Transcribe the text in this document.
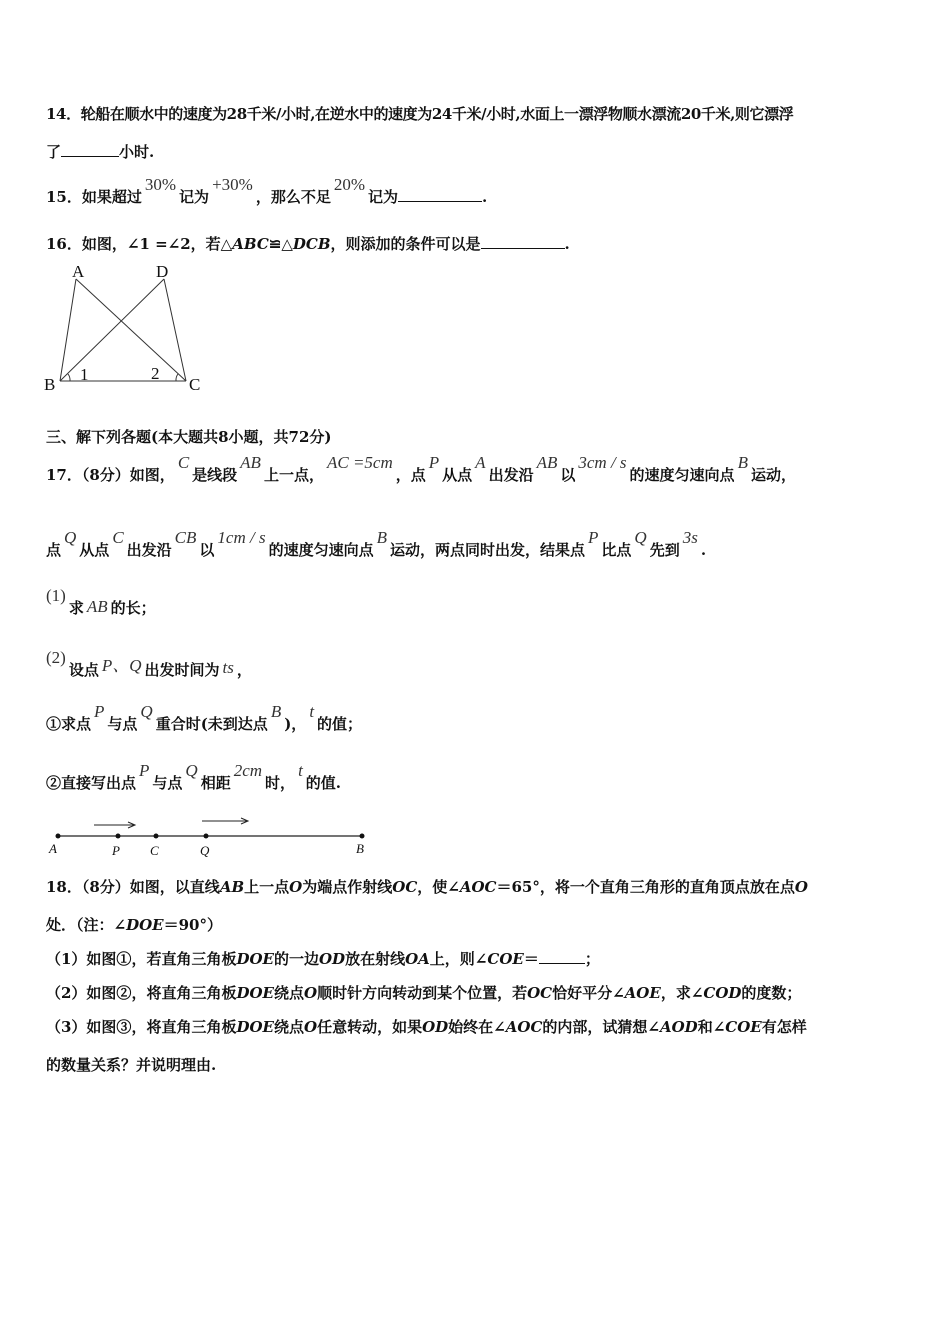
14．轮船在顺水中的速度为28千米/小时,在逆水中的速度为24千米/小时,水面上一漂浮物顺水漂流20千米,则它漂浮
了	小时.
15．如果超过30%记为+30%，那么不足20%记为	.
16．如图，∠1 =∠2，若△ABC≌△DCB，则添加的条件可以是	.
A	D
B	C
1	2
三、解下列各题(本大题共8小题，共72分)
17．（8分）如图，C是线段AB上一点，AC =5cm，点P从点A出发沿AB以3cm / s的速度匀速向点B运动，
点Q从点C出发沿CB以1cm / s的速度匀速向点B运动，两点同时出发，结果点P比点Q先到3s.
(1)求 AB 的长；
(2)设点 P、Q 出发时间为 ts ，
①求点P与点Q重合时(未到达点B)，t的值；
②直接写出点P与点Q相距2cm时，t的值.
A	P C	Q	B
18．（8分）如图，以直线AB上一点O为端点作射线OC，使∠AOC＝65°，将一个直角三角形的直角顶点放在点O
处．（注：∠DOE＝90°）
（1）如图①，若直角三角板DOE的一边OD放在射线OA上，则∠COE＝	；
（2）如图②，将直角三角板DOE绕点O顺时针方向转动到某个位置，若OC恰好平分∠AOE，求∠COD的度数；
（3）如图③，将直角三角板DOE绕点O任意转动，如果OD始终在∠AOC的内部，试猜想∠AOD和∠COE有怎样
的数量关系？并说明理由.
